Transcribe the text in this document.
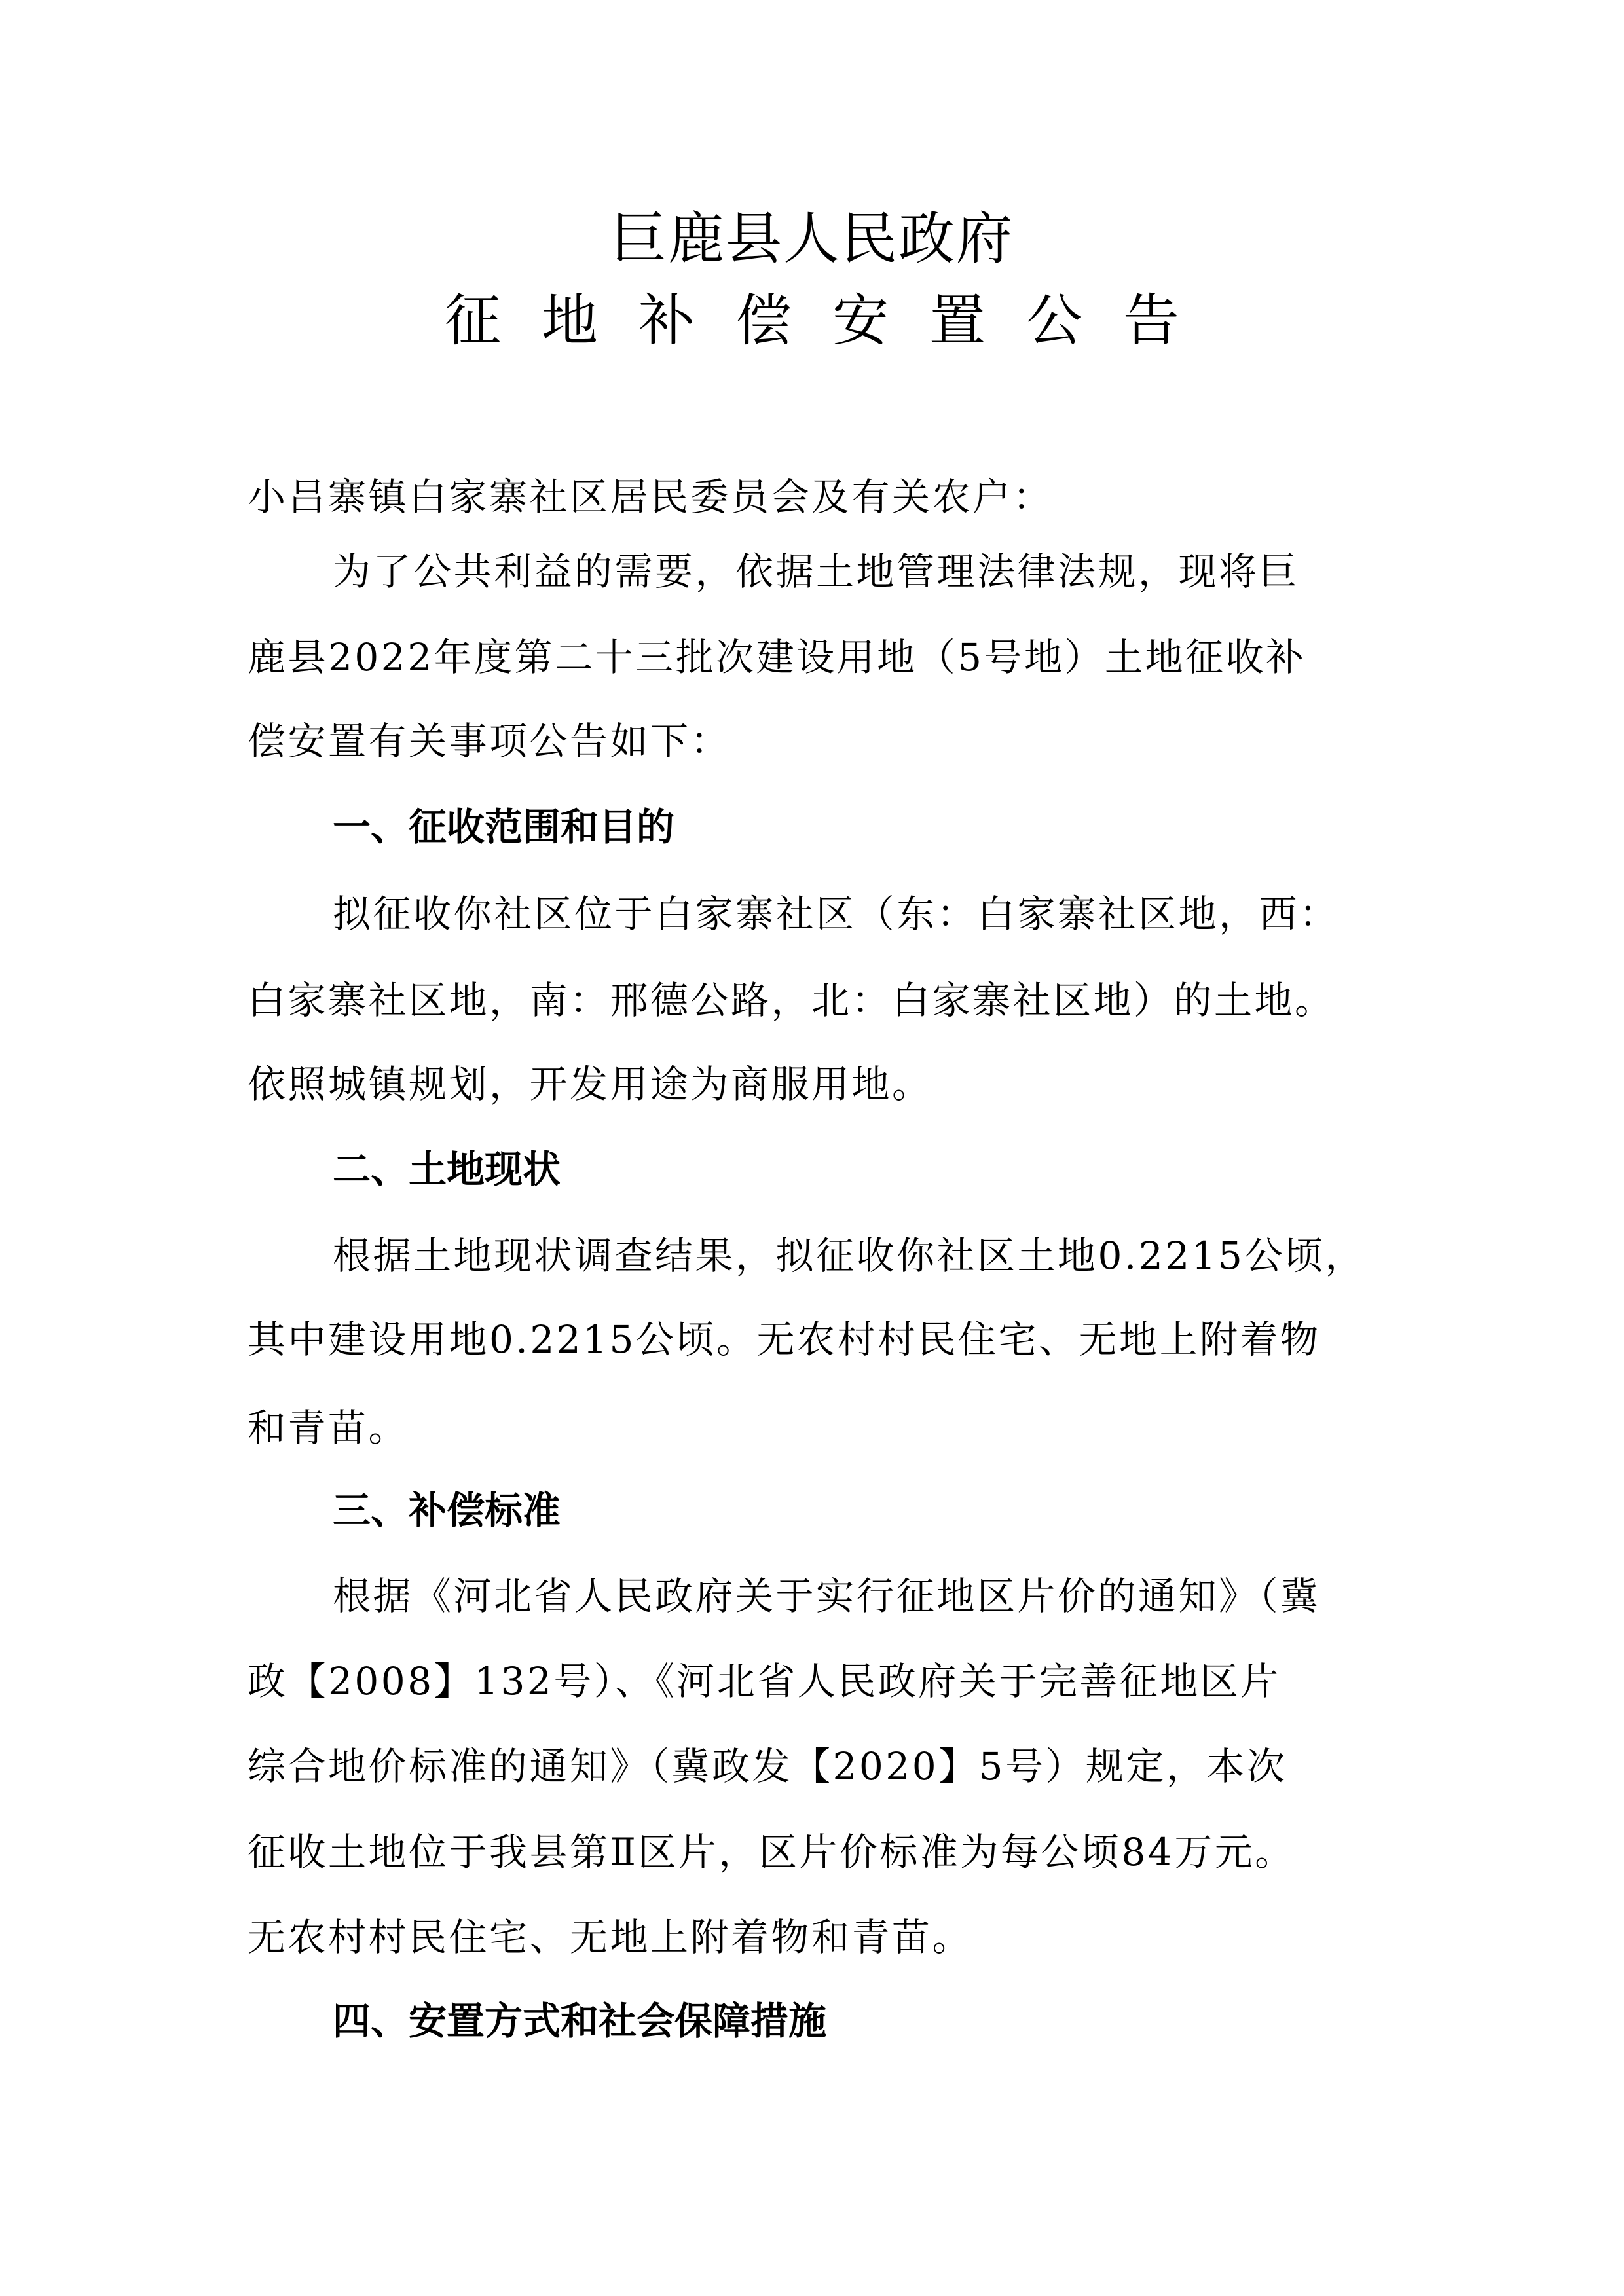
巨鹿县人民政府
征地补偿安置公告
小吕寨镇白家寨社区居民委员会及有关农户：
为了公共利益的需要，依据土地管理法律法规，现将巨
鹿县2022年度第二十三批次建设用地（5号地）土地征收补
偿安置有关事项公告如下：
一、征收范围和目的
拟征收你社区位于白家寨社区（东：白家寨社区地，西：
白家寨社区地，南：邢德公路，北：白家寨社区地）的土地。
依照城镇规划，开发用途为商服用地。
二、土地现状
根据土地现状调查结果，拟征收你社区土地0.2215公顷，
其中建设用地0.2215公顷。无农村村民住宅、无地上附着物
和青苗。
三、补偿标准
根据《河北省人民政府关于实行征地区片价的通知》（冀
政【2008】132号）、《河北省人民政府关于完善征地区片
综合地价标准的通知》（冀政发【2020】5号）规定，本次
征收土地位于我县第Ⅱ区片，区片价标准为每公顷84万元。
无农村村民住宅、无地上附着物和青苗。
四、安置方式和社会保障措施
